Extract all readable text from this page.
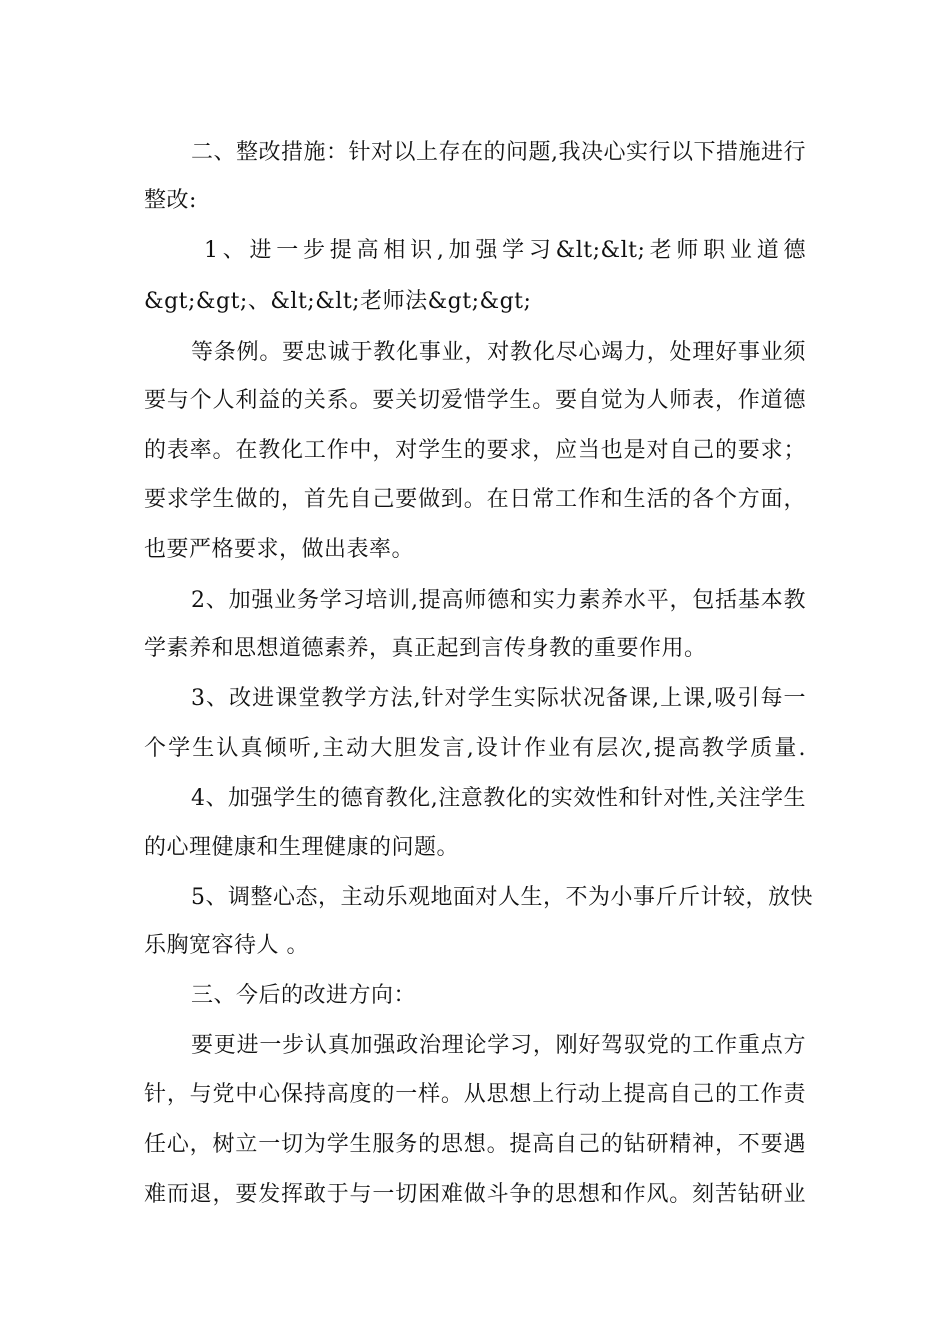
二、整改措施：针对以上存在的问题,我决心实行以下措施进行
整改:
1、进一步提高相识,加强学习&lt;&lt;老师职业道德
&gt;&gt;、&lt;&lt;老师法&gt;&gt;
等条例。要忠诚于教化事业，对教化尽心竭力，处理好事业须
要与个人利益的关系。要关切爱惜学生。要自觉为人师表，作道德
的表率。在教化工作中，对学生的要求，应当也是对自己的要求；
要求学生做的，首先自己要做到。在日常工作和生活的各个方面，
也要严格要求，做出表率。
2、加强业务学习培训,提高师德和实力素养水平，包括基本教
学素养和思想道德素养，真正起到言传身教的重要作用。
3、改进课堂教学方法,针对学生实际状况备课,上课,吸引每一
个学生认真倾听,主动大胆发言,设计作业有层次,提高教学质量.
4、加强学生的德育教化,注意教化的实效性和针对性,关注学生
的心理健康和生理健康的问题。
5、调整心态，主动乐观地面对人生，不为小事斤斤计较，放快
乐胸宽容待人 。
三、今后的改进方向：
要更进一步认真加强政治理论学习，刚好驾驭党的工作重点方
针，与党中心保持高度的一样。从思想上行动上提高自己的工作责
任心，树立一切为学生服务的思想。提高自己的钻研精神，不要遇
难而退，要发挥敢于与一切困难做斗争的思想和作风。刻苦钻研业
